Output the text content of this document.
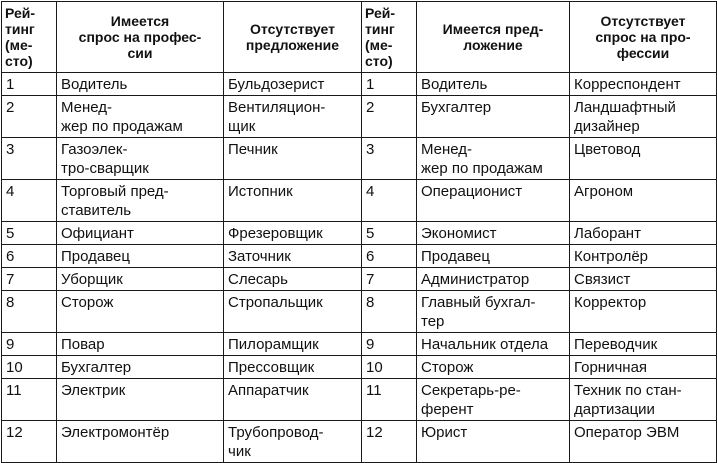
Рей-
тинг
(ме-
сто)	Имеется
спрос на профес-
сии	Отсутствует
предложение	Рей-
тинг
(ме-
сто)	Имеется пред-
ложение	Отсутствует
спрос на про-
фессии

1	Водитель	Бульдозерист	1	Водитель	Корреспондент

2	Менед-
жер по продажам	Вентиляцион-
щик	2	Бухгалтер	Ландшафтный
дизайнер

3	Газоэлек-
тро-сварщик	Печник	3	Менед-
жер по продажам	Цветовод

4	Торговый пред-
ставитель	Истопник	4	Операционист	Агроном

5	Официант	Фрезеровщик	5	Экономист	Лаборант

6	Продавец	Заточник	6	Продавец	Контролёр

7	Уборщик	Слесарь	7	Администратор	Связист

8	Сторож	Стропальщик	8	Главный бухгал-
тер	Корректор

9	Повар	Пилорамщик	9	Начальник отдела	Переводчик

10	Бухгалтер	Прессовщик	10	Сторож	Горничная

11	Электрик	Аппаратчик	11	Секретарь-ре-
ферент	Техник по стан-
дартизации

12	Электромонтёр	Трубопровод-
чик	12	Юрист	Оператор ЭВМ
